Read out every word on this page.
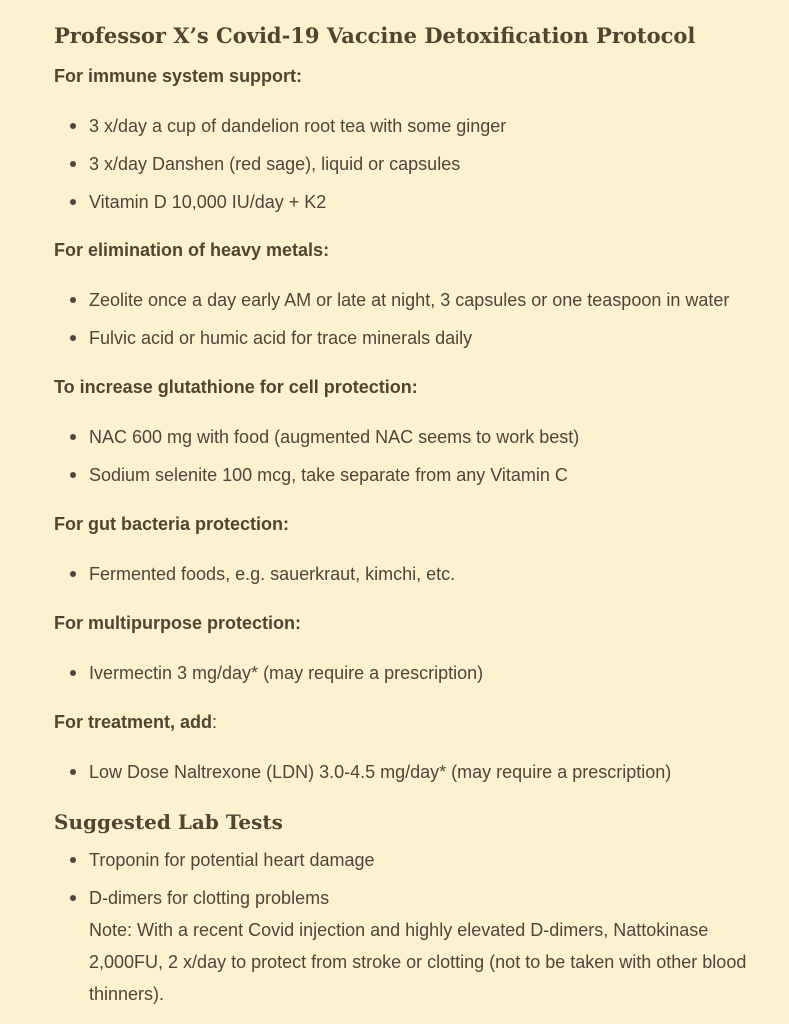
Professor X’s Covid-19 Vaccine Detoxification Protocol
For immune system support:
3 x/day a cup of dandelion root tea with some ginger
3 x/day Danshen (red sage), liquid or capsules
Vitamin D 10,000 IU/day + K2
For elimination of heavy metals:
Zeolite once a day early AM or late at night, 3 capsules or one teaspoon in water
Fulvic acid or humic acid for trace minerals daily
To increase glutathione for cell protection:
NAC 600 mg with food (augmented NAC seems to work best)
Sodium selenite 100 mcg, take separate from any Vitamin C
For gut bacteria protection:
Fermented foods, e.g. sauerkraut, kimchi, etc.
For multipurpose protection:
Ivermectin 3 mg/day* (may require a prescription)
For treatment, add:
Low Dose Naltrexone (LDN) 3.0-4.5 mg/day* (may require a prescription)
Suggested Lab Tests
Troponin for potential heart damage
D-dimers for clotting problems
Note: With a recent Covid injection and highly elevated D-dimers, Nattokinase 2,000FU, 2 x/day to protect from stroke or clotting (not to be taken with other blood thinners).
